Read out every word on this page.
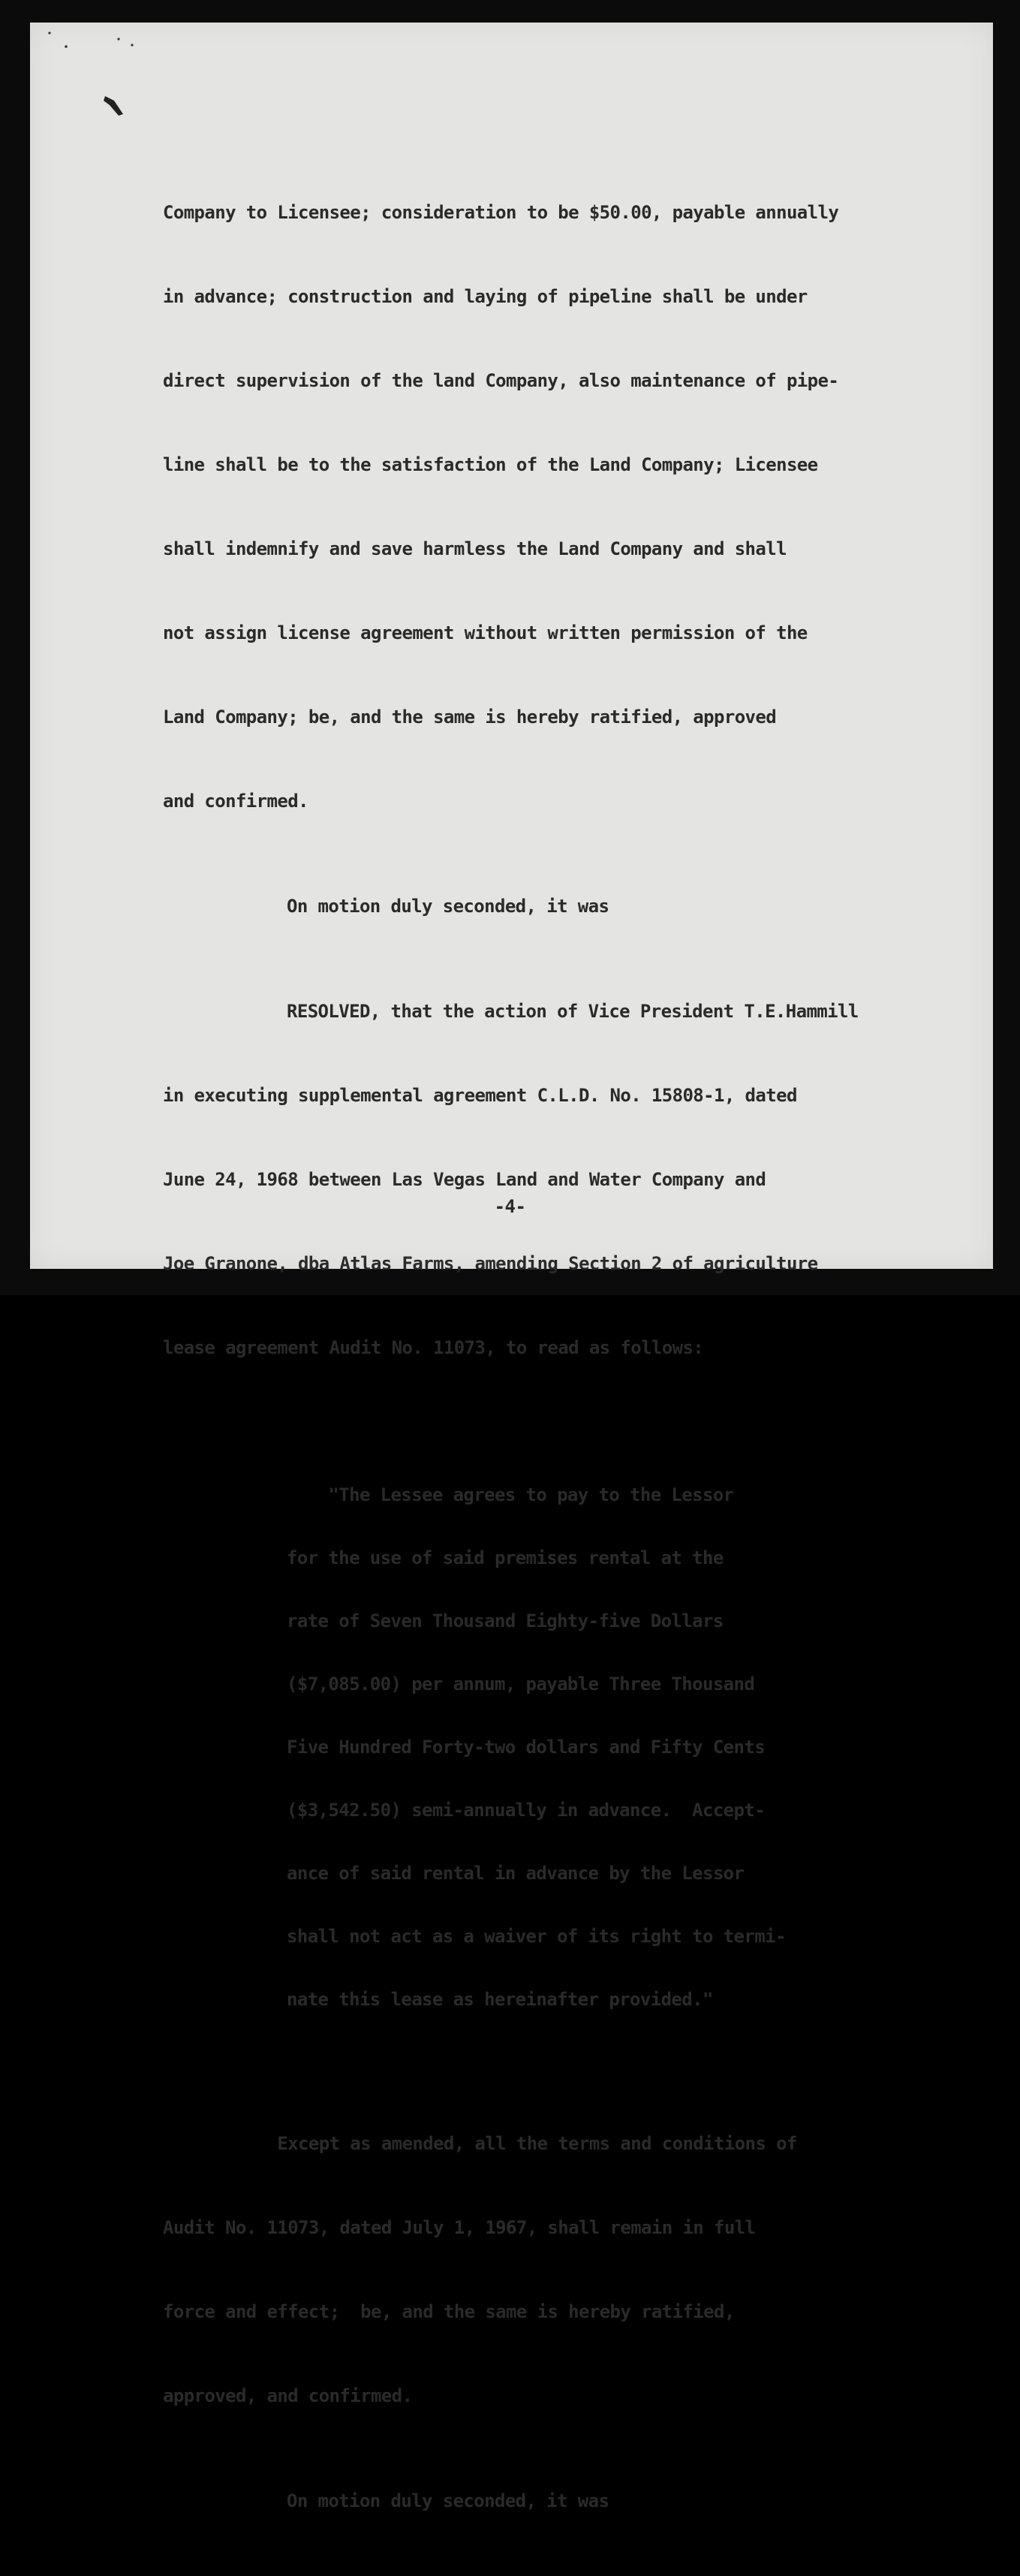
Company to Licensee; consideration to be $50.00, payable annually

in advance; construction and laying of pipeline shall be under

direct supervision of the land Company, also maintenance of pipe-

line shall be to the satisfaction of the Land Company; Licensee

shall indemnify and save harmless the Land Company and shall

not assign license agreement without written permission of the

Land Company; be, and the same is hereby ratified, approved

and confirmed.

On motion duly seconded, it was

RESOLVED, that the action of Vice President T.E.Hammill

in executing supplemental agreement C.L.D. No. 15808-1, dated

June 24, 1968 between Las Vegas Land and Water Company and

Joe Granone, dba Atlas Farms, amending Section 2 of agriculture

lease agreement Audit No. 11073, to read as follows:

"The Lessee agrees to pay to the Lessor

for the use of said premises rental at the

rate of Seven Thousand Eighty-five Dollars

($7,085.00) per annum, payable Three Thousand

Five Hundred Forty-two dollars and Fifty Cents

($3,542.50) semi-annually in advance.  Accept-

ance of said rental in advance by the Lessor

shall not act as a waiver of its right to termi-

nate this lease as hereinafter provided."

Except as amended, all the terms and conditions of

Audit No. 11073, dated July 1, 1967, shall remain in full

force and effect;  be, and the same is hereby ratified,

approved, and confirmed.

On motion duly seconded, it was

-4-
